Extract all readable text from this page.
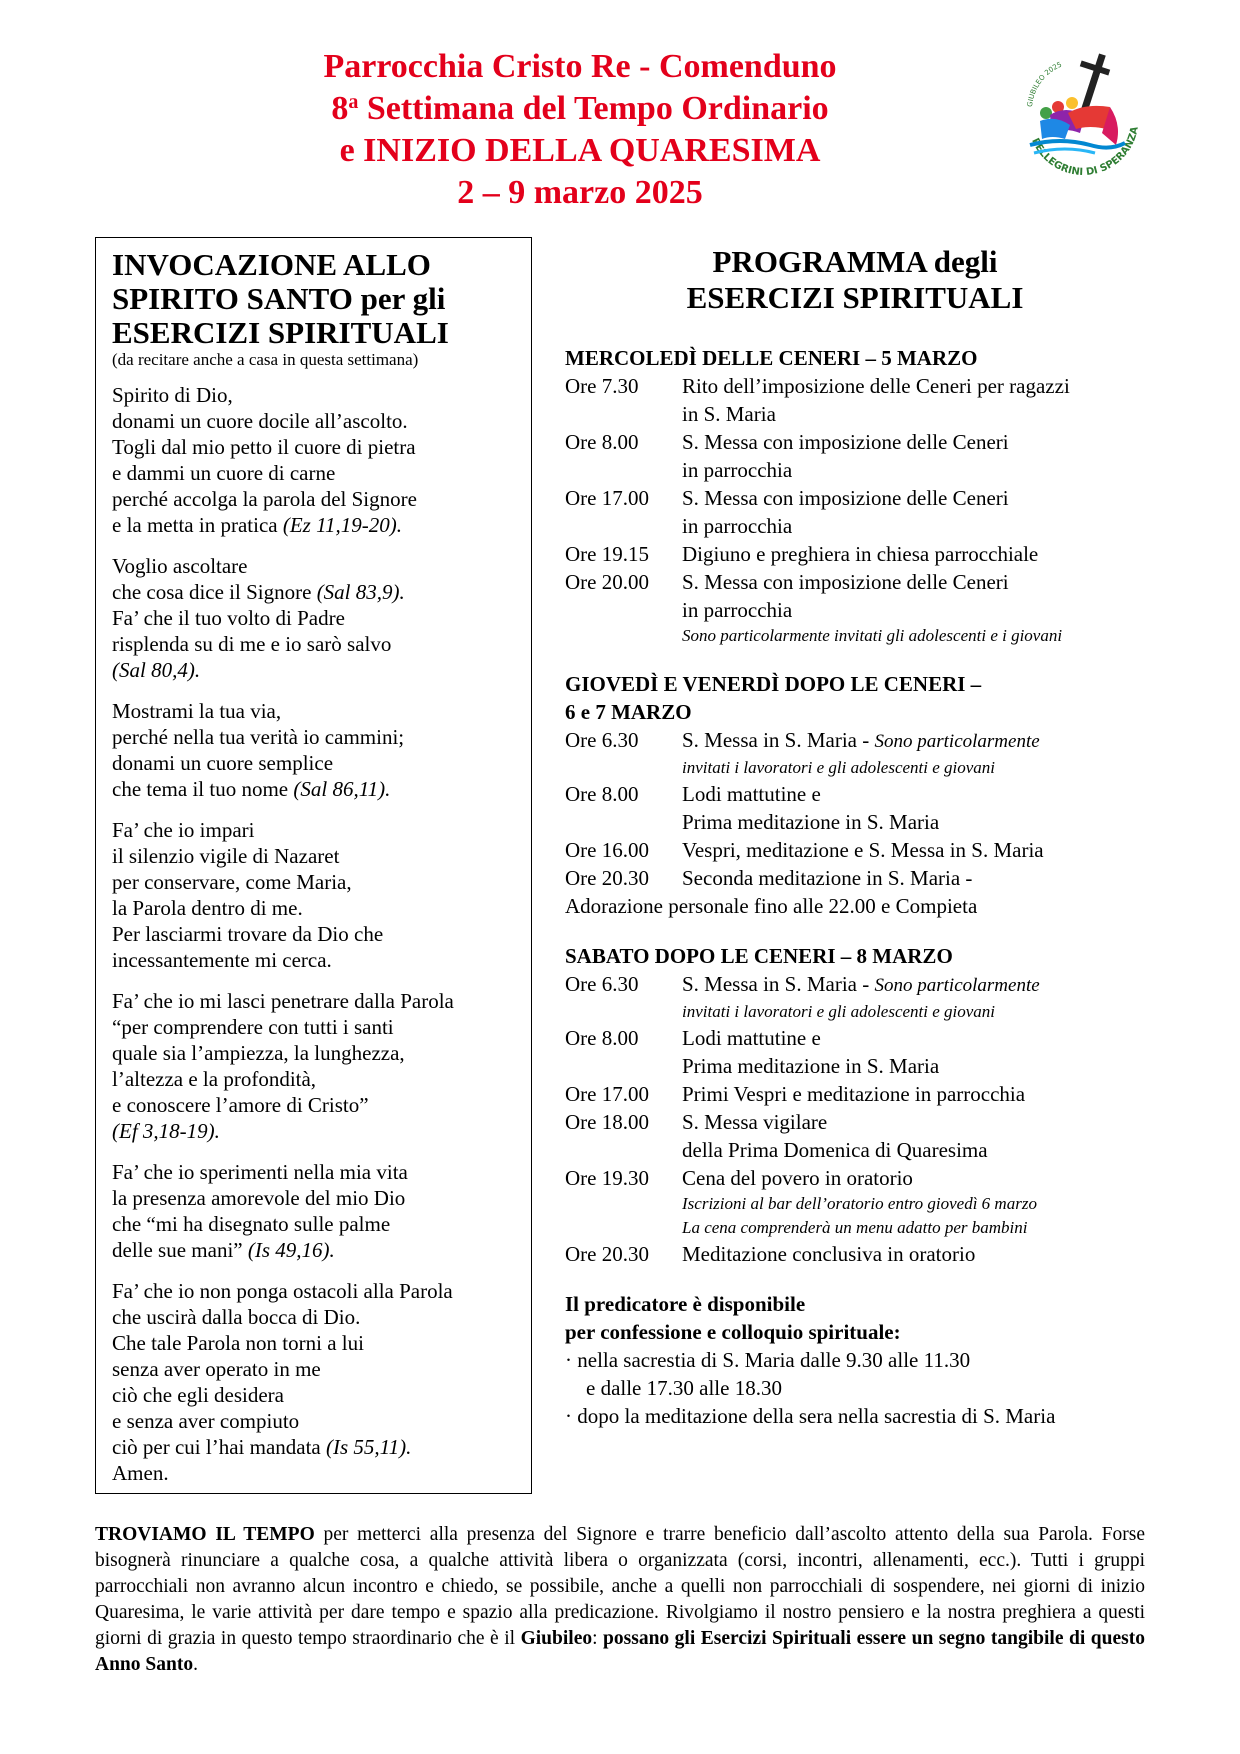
Parrocchia Cristo Re - Comenduno
8$^a$ Settimana del Tempo Ordinario
e INIZIO DELLA QUARESIMA
2 – 9 marzo 2025
GIUBILEO 2025
PELLEGRINI DI SPERANZA
INVOCAZIONE ALLO
SPIRITO SANTO per gli
ESERCIZI SPIRITUALI
(da recitare anche a casa in questa settimana)
Spirito di Dio,
donami un cuore docile all’ascolto.
Togli dal mio petto il cuore di pietra
e dammi un cuore di carne
perché accolga la parola del Signore
e la metta in pratica (Ez 11,19-20).
Voglio ascoltare
che cosa dice il Signore (Sal 83,9).
Fa’ che il tuo volto di Padre
risplenda su di me e io sarò salvo
(Sal 80,4).
Mostrami la tua via,
perché nella tua verità io cammini;
donami un cuore semplice
che tema il tuo nome (Sal 86,11).
Fa’ che io impari
il silenzio vigile di Nazaret
per conservare, come Maria,
la Parola dentro di me.
Per lasciarmi trovare da Dio che
incessantemente mi cerca.
Fa’ che io mi lasci penetrare dalla Parola
“per comprendere con tutti i santi
quale sia l’ampiezza, la lunghezza,
l’altezza e la profondità,
e conoscere l’amore di Cristo”
(Ef 3,18-19).
Fa’ che io sperimenti nella mia vita
la presenza amorevole del mio Dio
che “mi ha disegnato sulle palme
delle sue mani” (Is 49,16).
Fa’ che io non ponga ostacoli alla Parola
che uscirà dalla bocca di Dio.
Che tale Parola non torni a lui
senza aver operato in me
ciò che egli desidera
e senza aver compiuto
ciò per cui l’hai mandata (Is 55,11).
Amen.
PROGRAMMA degli
ESERCIZI SPIRITUALI
MERCOLEDÌ DELLE CENERI – 5 MARZO
Ore 7.30	Rito dell’imposizione delle Ceneri per ragazzi
in S. Maria
Ore 8.00	S. Messa con imposizione delle Ceneri
in parrocchia
Ore 17.00	S. Messa con imposizione delle Ceneri
in parrocchia
Ore 19.15	Digiuno e preghiera in chiesa parrocchiale
Ore 20.00	S. Messa con imposizione delle Ceneri
in parrocchia
Sono particolarmente invitati gli adolescenti e i giovani
GIOVEDÌ E VENERDÌ DOPO LE CENERI –
6 e 7 MARZO
Ore 6.30	S. Messa in S. Maria - Sono particolarmente
invitati i lavoratori e gli adolescenti e giovani
Ore 8.00	Lodi mattutine e
Prima meditazione in S. Maria
Ore 16.00	Vespri, meditazione e S. Messa in S. Maria
Ore 20.30	Seconda meditazione in S. Maria -
Adorazione personale fino alle 22.00 e Compieta
SABATO DOPO LE CENERI – 8 MARZO
Ore 6.30	S. Messa in S. Maria - Sono particolarmente
invitati i lavoratori e gli adolescenti e giovani
Ore 8.00	Lodi mattutine e
Prima meditazione in S. Maria
Ore 17.00	Primi Vespri e meditazione in parrocchia
Ore 18.00	S. Messa vigilare
della Prima Domenica di Quaresima
Ore 19.30	Cena del povero in oratorio
Iscrizioni al bar dell’oratorio entro giovedì 6 marzo
La cena comprenderà un menu adatto per bambini
Ore 20.30	Meditazione conclusiva in oratorio
Il predicatore è disponibile
per confessione e colloquio spirituale:
· nella sacrestia di S. Maria dalle 9.30 alle 11.30
e dalle 17.30 alle 18.30
· dopo la meditazione della sera nella sacrestia di S. Maria
TROVIAMO IL TEMPO per metterci alla presenza del Signore e trarre beneficio dall’ascolto attento della sua Parola. Forse bisognerà rinunciare a qualche cosa, a qualche attività libera o organizzata (corsi, incontri, allenamenti, ecc.). Tutti i gruppi parrocchiali non avranno alcun incontro e chiedo, se possibile, anche a quelli non parrocchiali di sospendere, nei giorni di inizio Quaresima, le varie attività per dare tempo e spazio alla predicazione. Rivolgiamo il nostro pensiero e la nostra preghiera a questi giorni di grazia in questo tempo straordinario che è il Giubileo: possano gli Esercizi Spirituali essere un segno tangibile di questo Anno Santo.
